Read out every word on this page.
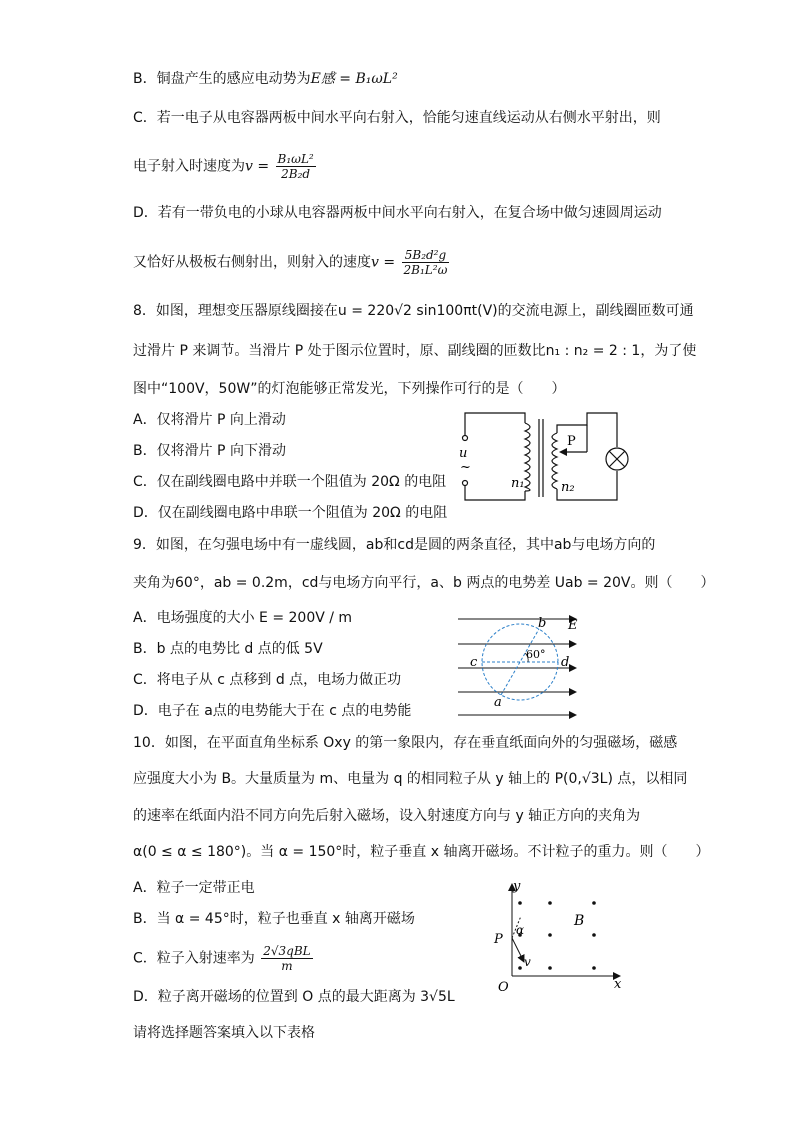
B．铜盘产生的感应电动势为E感 = B₁ωL²
C．若一电子从电容器两板中间水平向右射入，恰能匀速直线运动从右侧水平射出，则
电子射入时速度为$v = \frac{\text{B₁ωL²}}{\text{2B₂d}}$
D．若有一带负电的小球从电容器两板中间水平向右射入，在复合场中做匀速圆周运动
又恰好从极板右侧射出，则射入的速度$v = \frac{\text{5B₂d²g}}{\text{2B₁L²ω}}$
8．如图，理想变压器原线圈接在u = 220√2 sin100πt(V)的交流电源上，副线圈匝数可通
过滑片 P 来调节。当滑片 P 处于图示位置时，原、副线圈的匝数比n₁ : n₂ = 2 : 1，为了使
图中“100V，50W”的灯泡能够正常发光，下列操作可行的是（　　）
A．仅将滑片 P 向上滑动
B．仅将滑片 P 向下滑动
C．仅在副线圈电路中并联一个阻值为 20Ω 的电阻
D．仅在副线圈电路中串联一个阻值为 20Ω 的电阻
u
~
n₁	n₂
P
9．如图，在匀强电场中有一虚线圆，ab和cd是圆的两条直径，其中ab与电场方向的
夹角为60°，ab = 0.2m，cd与电场方向平行，a、b 两点的电势差 Uab = 20V。则（　　）
A．电场强度的大小 E = 200V / m
B．b 点的电势比 d 点的低 5V
C．将电子从 c 点移到 d 点，电场力做正功
D．电子在 a点的电势能大于在 c 点的电势能
60°
a
b
c	d
E
10．如图，在平面直角坐标系 Oxy 的第一象限内，存在垂直纸面向外的匀强磁场，磁感
应强度大小为 B。大量质量为 m、电量为 q 的相同粒子从 y 轴上的 P(0,√3L) 点，以相同
的速率在纸面内沿不同方向先后射入磁场，设入射速度方向与 y 轴正方向的夹角为
α(0 ≤ α ≤ 180°)。当 α = 150°时，粒子垂直 x 轴离开磁场。不计粒子的重力。则（　　）
A．粒子一定带正电
B．当 α = 45°时，粒子也垂直 x 轴离开磁场
C．粒子入射速率为 $\frac{\text{2√3qBL}}{m}$
D．粒子离开磁场的位置到 O 点的最大距离为 3√5L
y
x
O
P
B
α
v
请将选择题答案填入以下表格
